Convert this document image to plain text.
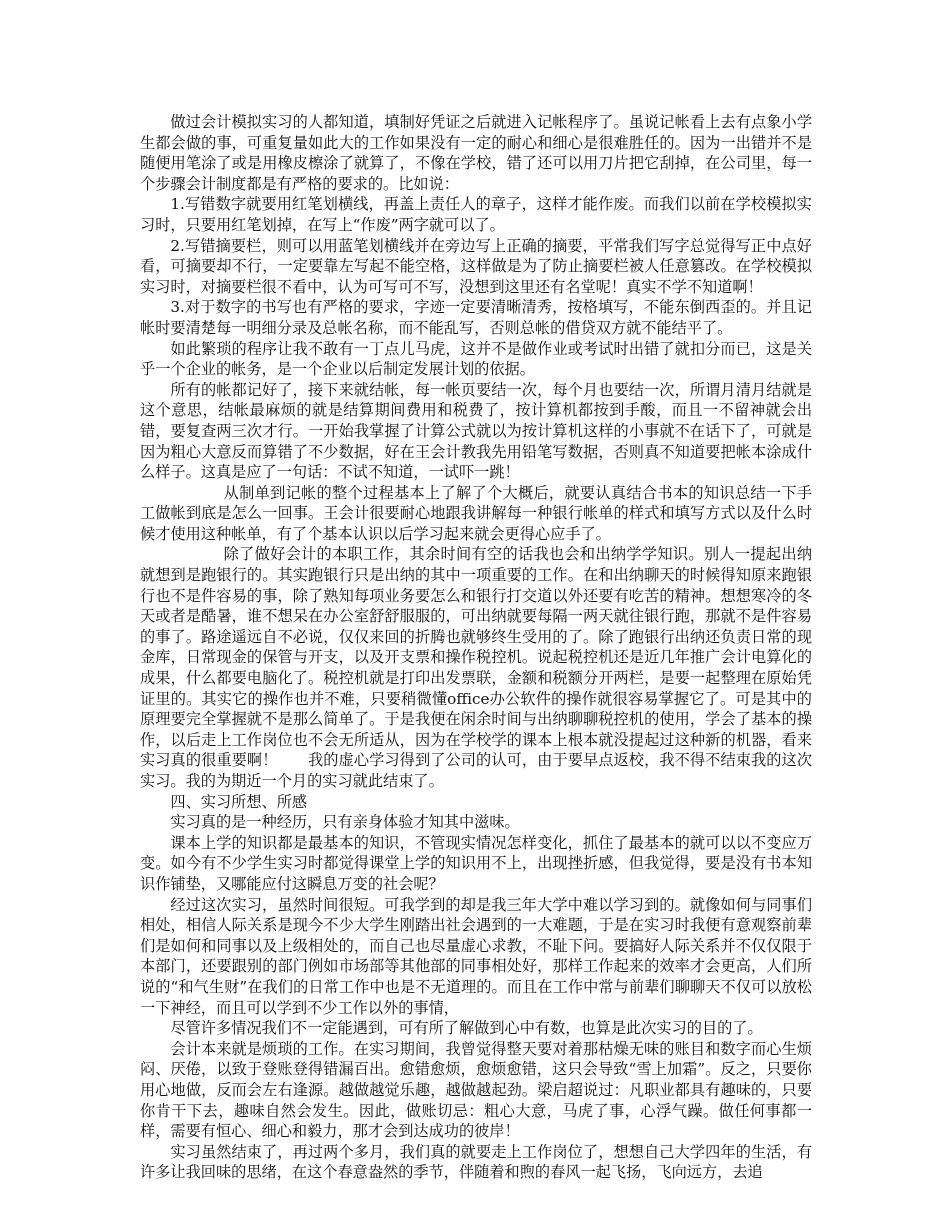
做过会计模拟实习的人都知道，填制好凭证之后就进入记帐程序了。虽说记帐看上去有点象小学生都会做的事，可重复量如此大的工作如果没有一定的耐心和细心是很难胜任的。因为一出错并不是随便用笔涂了或是用橡皮檫涂了就算了，不像在学校，错了还可以用刀片把它刮掉，在公司里，每一个步骤会计制度都是有严格的要求的。比如说：

1.写错数字就要用红笔划横线，再盖上责任人的章子，这样才能作废。而我们以前在学校模拟实习时，只要用红笔划掉，在写上“作废”两字就可以了。

2.写错摘要栏，则可以用蓝笔划横线并在旁边写上正确的摘要，平常我们写字总觉得写正中点好看，可摘要却不行，一定要靠左写起不能空格，这样做是为了防止摘要栏被人任意篡改。在学校模拟实习时，对摘要栏很不看中，认为可写可不写，没想到这里还有名堂呢！真实不学不知道啊！

3.对于数字的书写也有严格的要求，字迹一定要清晰清秀，按格填写，不能东倒西歪的。并且记帐时要清楚每一明细分录及总帐名称，而不能乱写，否则总帐的借贷双方就不能结平了。

如此繁琐的程序让我不敢有一丁点儿马虎，这并不是做作业或考试时出错了就扣分而已，这是关乎一个企业的帐务，是一个企业以后制定发展计划的依据。

所有的帐都记好了，接下来就结帐，每一帐页要结一次，每个月也要结一次，所谓月清月结就是这个意思，结帐最麻烦的就是结算期间费用和税费了，按计算机都按到手酸，而且一不留神就会出错，要复查两三次才行。一开始我掌握了计算公式就以为按计算机这样的小事就不在话下了，可就是因为粗心大意反而算错了不少数据，好在王会计教我先用铅笔写数据，否则真不知道要把帐本涂成什么样子。这真是应了一句话：不试不知道，一试吓一跳！

从制单到记帐的整个过程基本上了解了个大概后，就要认真结合书本的知识总结一下手工做帐到底是怎么一回事。王会计很要耐心地跟我讲解每一种银行帐单的样式和填写方式以及什么时候才使用这种帐单，有了个基本认识以后学习起来就会更得心应手了。

除了做好会计的本职工作，其余时间有空的话我也会和出纳学学知识。别人一提起出纳就想到是跑银行的。其实跑银行只是出纳的其中一项重要的工作。在和出纳聊天的时候得知原来跑银行也不是件容易的事，除了熟知每项业务要怎么和银行打交道以外还要有吃苦的精神。想想寒冷的冬天或者是酷暑，谁不想呆在办公室舒舒服服的，可出纳就要每隔一两天就往银行跑，那就不是件容易的事了。路途遥远自不必说，仅仅来回的折腾也就够终生受用的了。除了跑银行出纳还负责日常的现金库，日常现金的保管与开支，以及开支票和操作税控机。说起税控机还是近几年推广会计电算化的成果，什么都要电脑化了。税控机就是打印出发票联，金额和税额分开两栏，是要一起整理在原始凭证里的。其实它的操作也并不难，只要稍微懂office办公软件的操作就很容易掌握它了。可是其中的原理要完全掌握就不是那么简单了。于是我便在闲余时间与出纳聊聊税控机的使用，学会了基本的操作，以后走上工作岗位也不会无所适从，因为在学校学的课本上根本就没提起过这种新的机器，看来实习真的很重要啊！　　我的虚心学习得到了公司的认可，由于要早点返校，我不得不结束我的这次实习。我的为期近一个月的实习就此结束了。

四、实习所想、所感

实习真的是一种经历，只有亲身体验才知其中滋味。

课本上学的知识都是最基本的知识，不管现实情况怎样变化，抓住了最基本的就可以以不变应万变。如今有不少学生实习时都觉得课堂上学的知识用不上，出现挫折感，但我觉得，要是没有书本知识作铺垫，又哪能应付这瞬息万变的社会呢？

经过这次实习，虽然时间很短。可我学到的却是我三年大学中难以学习到的。就像如何与同事们相处，相信人际关系是现今不少大学生刚踏出社会遇到的一大难题，于是在实习时我便有意观察前辈们是如何和同事以及上级相处的，而自己也尽量虚心求教，不耻下问。要搞好人际关系并不仅仅限于本部门，还要跟别的部门例如市场部等其他部的同事相处好，那样工作起来的效率才会更高，人们所说的“和气生财”在我们的日常工作中也是不无道理的。而且在工作中常与前辈们聊聊天不仅可以放松一下神经，而且可以学到不少工作以外的事情，

尽管许多情况我们不一定能遇到，可有所了解做到心中有数，也算是此次实习的目的了。

会计本来就是烦琐的工作。在实习期间，我曾觉得整天要对着那枯燥无味的账目和数字而心生烦闷、厌倦，以致于登账登得错漏百出。愈错愈烦，愈烦愈错，这只会导致“雪上加霜”。反之，只要你用心地做，反而会左右逢源。越做越觉乐趣，越做越起劲。梁启超说过：凡职业都具有趣味的，只要你肯干下去，趣味自然会发生。因此，做账切忌：粗心大意，马虎了事，心浮气躁。做任何事都一样，需要有恒心、细心和毅力，那才会到达成功的彼岸！

实习虽然结束了，再过两个多月，我们真的就要走上工作岗位了，想想自己大学四年的生活，有许多让我回味的思绪，在这个春意盎然的季节，伴随着和煦的春风一起飞扬，飞向远方，去追
